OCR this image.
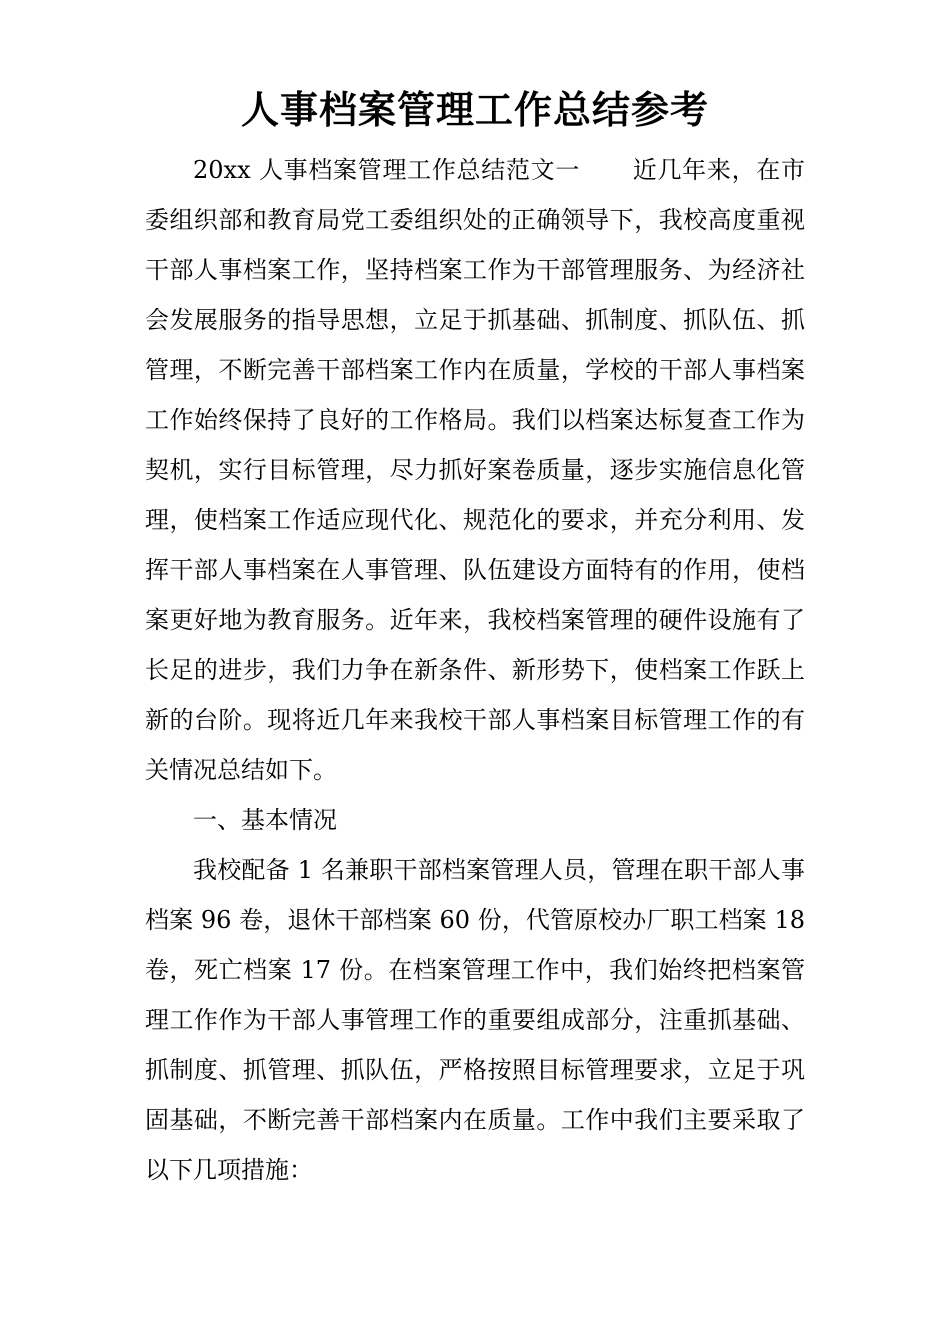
人事档案管理工作总结参考

20xx 人事档案管理工作总结范文一 近几年来，在市委组织部和教育局党工委组织处的正确领导下，我校高度重视干部人事档案工作，坚持档案工作为干部管理服务、为经济社会发展服务的指导思想，立足于抓基础、抓制度、抓队伍、抓管理，不断完善干部档案工作内在质量，学校的干部人事档案工作始终保持了良好的工作格局。我们以档案达标复查工作为契机，实行目标管理，尽力抓好案卷质量，逐步实施信息化管理，使档案工作适应现代化、规范化的要求，并充分利用、发挥干部人事档案在人事管理、队伍建设方面特有的作用，使档案更好地为教育服务。近年来，我校档案管理的硬件设施有了长足的进步，我们力争在新条件、新形势下，使档案工作跃上新的台阶。现将近几年来我校干部人事档案目标管理工作的有关情况总结如下。

一、基本情况

我校配备 1 名兼职干部档案管理人员，管理在职干部人事档案 96 卷，退休干部档案 60 份，代管原校办厂职工档案 18 卷，死亡档案 17 份。在档案管理工作中，我们始终把档案管理工作作为干部人事管理工作的重要组成部分，注重抓基础、抓制度、抓管理、抓队伍，严格按照目标管理要求，立足于巩固基础，不断完善干部档案内在质量。工作中我们主要采取了以下几项措施：
